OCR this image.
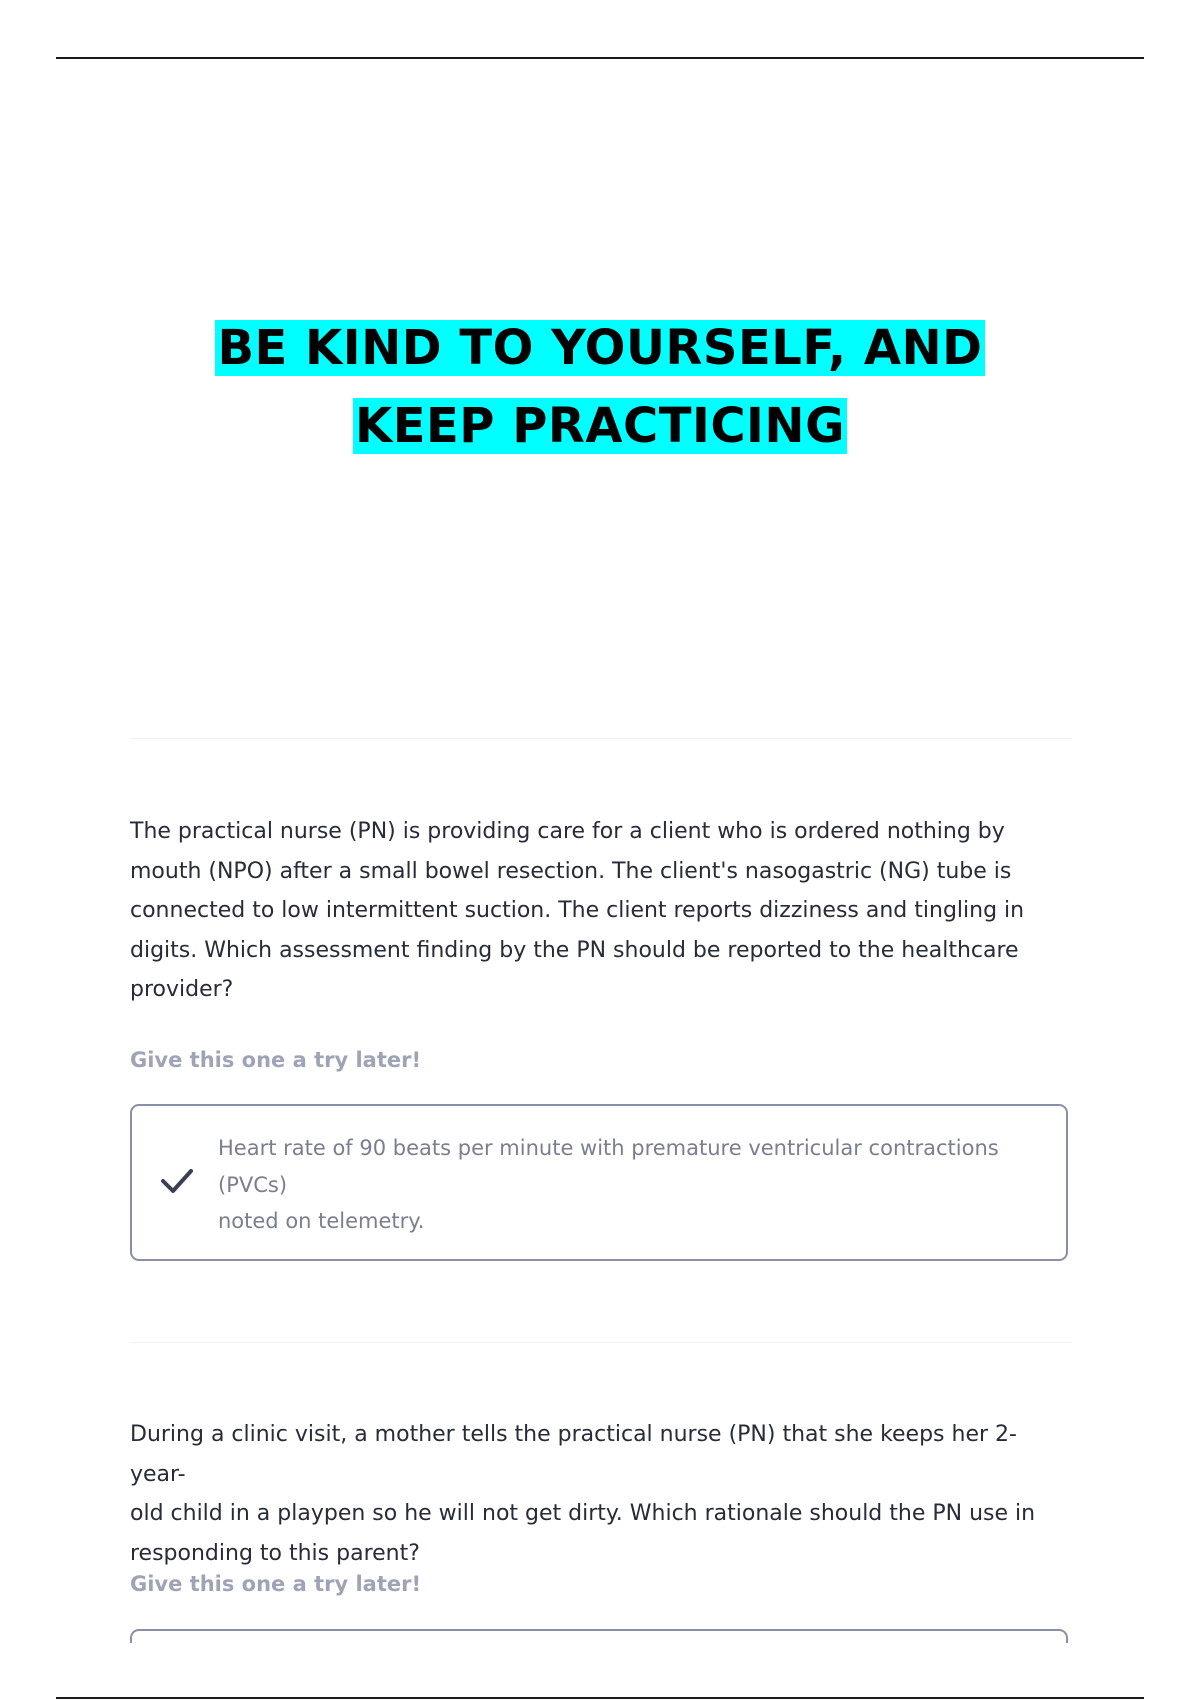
BE KIND TO YOURSELF, AND
KEEP PRACTICING
The practical nurse (PN) is providing care for a client who is ordered nothing by
mouth (NPO) after a small bowel resection. The client's nasogastric (NG) tube is
connected to low intermittent suction. The client reports dizziness and tingling in
digits. Which assessment finding by the PN should be reported to the healthcare
provider?
Give this one a try later!
Heart rate of 90 beats per minute with premature ventricular contractions
(PVCs)
noted on telemetry.
During a clinic visit, a mother tells the practical nurse (PN) that she keeps her 2-year-
old child in a playpen so he will not get dirty. Which rationale should the PN use in
responding to this parent?
Give this one a try later!
